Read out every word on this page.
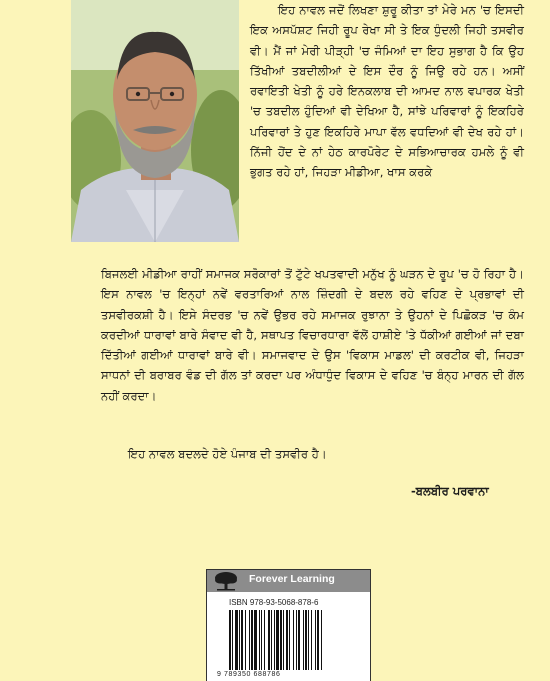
ਇਹ ਨਾਵਲ ਜਦੋਂ ਲਿਖਣਾ ਸ਼ੁਰੂ ਕੀਤਾ ਤਾਂ ਮੇਰੇ ਮਨ 'ਚ ਇਸਦੀ ਇਕ ਅਸਪੱਸ਼ਟ ਜਿਹੀ ਰੂਪ ਰੇਖਾ ਸੀ ਤੇ ਇਕ ਧੁੰਦਲੀ ਜਿਹੀ ਤਸਵੀਰ ਵੀ। ਮੈਂ ਜਾਂ ਮੇਰੀ ਪੀੜ੍ਹੀ 'ਚ ਜੰਮਿਆਂ ਦਾ ਇਹ ਸੁਭਾਗ ਹੈ ਕਿ ਉਹ ਤਿੱਖੀਆਂ ਤਬਦੀਲੀਆਂ ਦੇ ਇਸ ਦੌਰ ਨੂੰ ਜਿਉ ਰਹੇ ਹਨ। ਅਸੀਂ ਰਵਾਇਤੀ ਖੇਤੀ ਨੂੰ ਹਰੇ ਇਨਕਲਾਬ ਦੀ ਆਮਦ ਨਾਲ ਵਪਾਰਕ ਖੇਤੀ 'ਚ ਤਬਦੀਲ ਹੁੰਦਿਆਂ ਵੀ ਦੇਖਿਆ ਹੈ, ਸਾਂਝੇ ਪਰਿਵਾਰਾਂ ਨੂੰ ਇਕਹਿਰੇ ਪਰਿਵਾਰਾਂ ਤੇ ਹੁਣ ਇਕਹਿਰੇ ਮਾਪਾ ਵੱਲ ਵਧਦਿਆਂ ਵੀ ਦੇਖ ਰਹੇ ਹਾਂ। ਨਿੱਜੀ ਹੋਂਦ ਦੇ ਨਾਂ ਹੇਠ ਕਾਰਪੋਰੇਟ ਦੇ ਸਭਿਆਚਾਰਕ ਹਮਲੇ ਨੂੰ ਵੀ ਭੁਗਤ ਰਹੇ ਹਾਂ, ਜਿਹੜਾ ਮੀਡੀਆ, ਖਾਸ ਕਰਕੇ

ਬਿਜਲਈ ਮੀਡੀਆ ਰਾਹੀਂ ਸਮਾਜਕ ਸਰੋਕਾਰਾਂ ਤੋਂ ਟੁੱਟੇ ਖਪਤਵਾਦੀ ਮਨੁੱਖ ਨੂੰ ਘੜਨ ਦੇ ਰੂਪ 'ਚ ਹੋ ਰਿਹਾ ਹੈ। ਇਸ ਨਾਵਲ 'ਚ ਇਨ੍ਹਾਂ ਨਵੇਂ ਵਰਤਾਰਿਆਂ ਨਾਲ ਜ਼ਿੰਦਗੀ ਦੇ ਬਦਲ ਰਹੇ ਵਹਿਣ ਦੇ ਪ੍ਰਭਾਵਾਂ ਦੀ ਤਸਵੀਰਕਸ਼ੀ ਹੈ। ਇਸੇ ਸੰਦਰਭ 'ਚ ਨਵੇਂ ਉਭਰ ਰਹੇ ਸਮਾਜਕ ਰੁਝਾਨਾ ਤੇ ਉਹਨਾਂ ਦੇ ਪਿਛੋਕੜ 'ਚ ਕੰਮ ਕਰਦੀਆਂ ਧਾਰਾਵਾਂ ਬਾਰੇ ਸੰਵਾਦ ਵੀ ਹੈ, ਸਥਾਪਤ ਵਿਚਾਰਧਾਰਾ ਵੱਲੋਂ ਹਾਸ਼ੀਏ 'ਤੇ ਧੱਕੀਆਂ ਗਈਆਂ ਜਾਂ ਦਬਾ ਦਿੱਤੀਆਂ ਗਈਆਂ ਧਾਰਾਵਾਂ ਬਾਰੇ ਵੀ। ਸਮਾਜਵਾਦ ਦੇ ਉਸ 'ਵਿਕਾਸ ਮਾਡਲ' ਦੀ ਕਰਟੀਕ ਵੀ, ਜਿਹੜਾ ਸਾਧਨਾਂ ਦੀ ਬਰਾਬਰ ਵੰਡ ਦੀ ਗੱਲ ਤਾਂ ਕਰਦਾ ਪਰ ਅੰਧਾਧੁੰਦ ਵਿਕਾਸ ਦੇ ਵਹਿਣ 'ਚ ਬੰਨ੍ਹ ਮਾਰਨ ਦੀ ਗੱਲ ਨਹੀਂ ਕਰਦਾ।

ਇਹ ਨਾਵਲ ਬਦਲਦੇ ਹੋਏ ਪੰਜਾਬ ਦੀ ਤਸਵੀਰ ਹੈ।
-ਬਲਬੀਰ ਪਰਵਾਨਾ
Forever Learning
ISBN 978-93-5068-878-6
9 789350 688786
